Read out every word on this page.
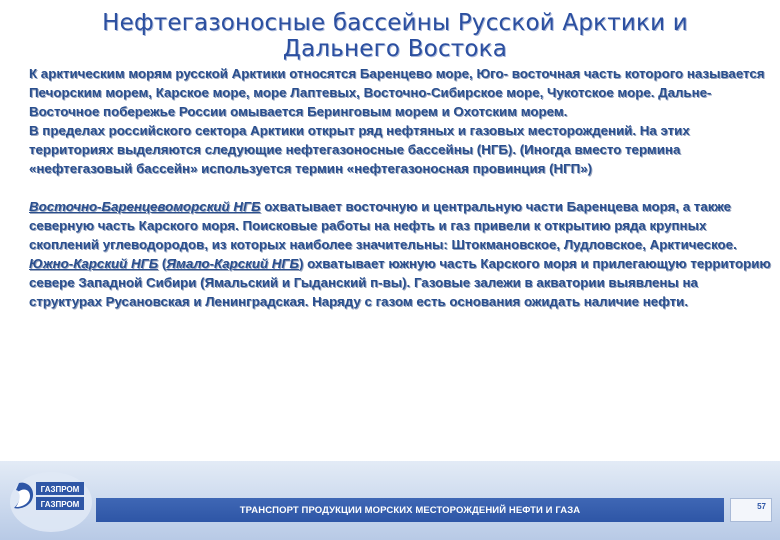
Нефтегазоносные бассейны Русской Арктики и Дальнего Востока

К арктическим морям русской Арктики относятся Баренцево море, Юго- восточная часть которого называется Печорским морем, Карское море, море Лаптевых, Восточно-Сибирское море, Чукотское море. Дальне-Восточное побережье России омывается Беринговым морем и Охотским морем.

В пределах российского сектора Арктики открыт ряд нефтяных и газовых месторождений. На этих территориях выделяются следующие нефтегазоносные бассейны (НГБ). (Иногда вместо термина «нефтегазовый бассейн» используется термин «нефтегазоносная провинция (НГП»)

Восточно-Баренцевоморский НГБ охватывает восточную и центральную части Баренцева моря, а также северную часть Карского моря. Поисковые работы на нефть и газ привели к открытию ряда крупных скоплений углеводородов, из которых наиболее значительны: Штокмановское, Лудловское, Арктическое.

Южно-Карский НГБ (Ямало-Карский НГБ) охватывает южную часть Карского моря и прилегающую территорию севере Западной Сибири (Ямальский и Гыданский п-вы). Газовые залежи в акватории выявлены на структурах Русановская и Ленинградская. Наряду с газом есть основания ожидать наличие нефти.

ГАЗПРОМ
ГАЗПРОМ	ТРАНСПОРТ ПРОДУКЦИИ МОРСКИХ МЕСТОРОЖДЕНИЙ НЕФТИ И ГАЗА	57
